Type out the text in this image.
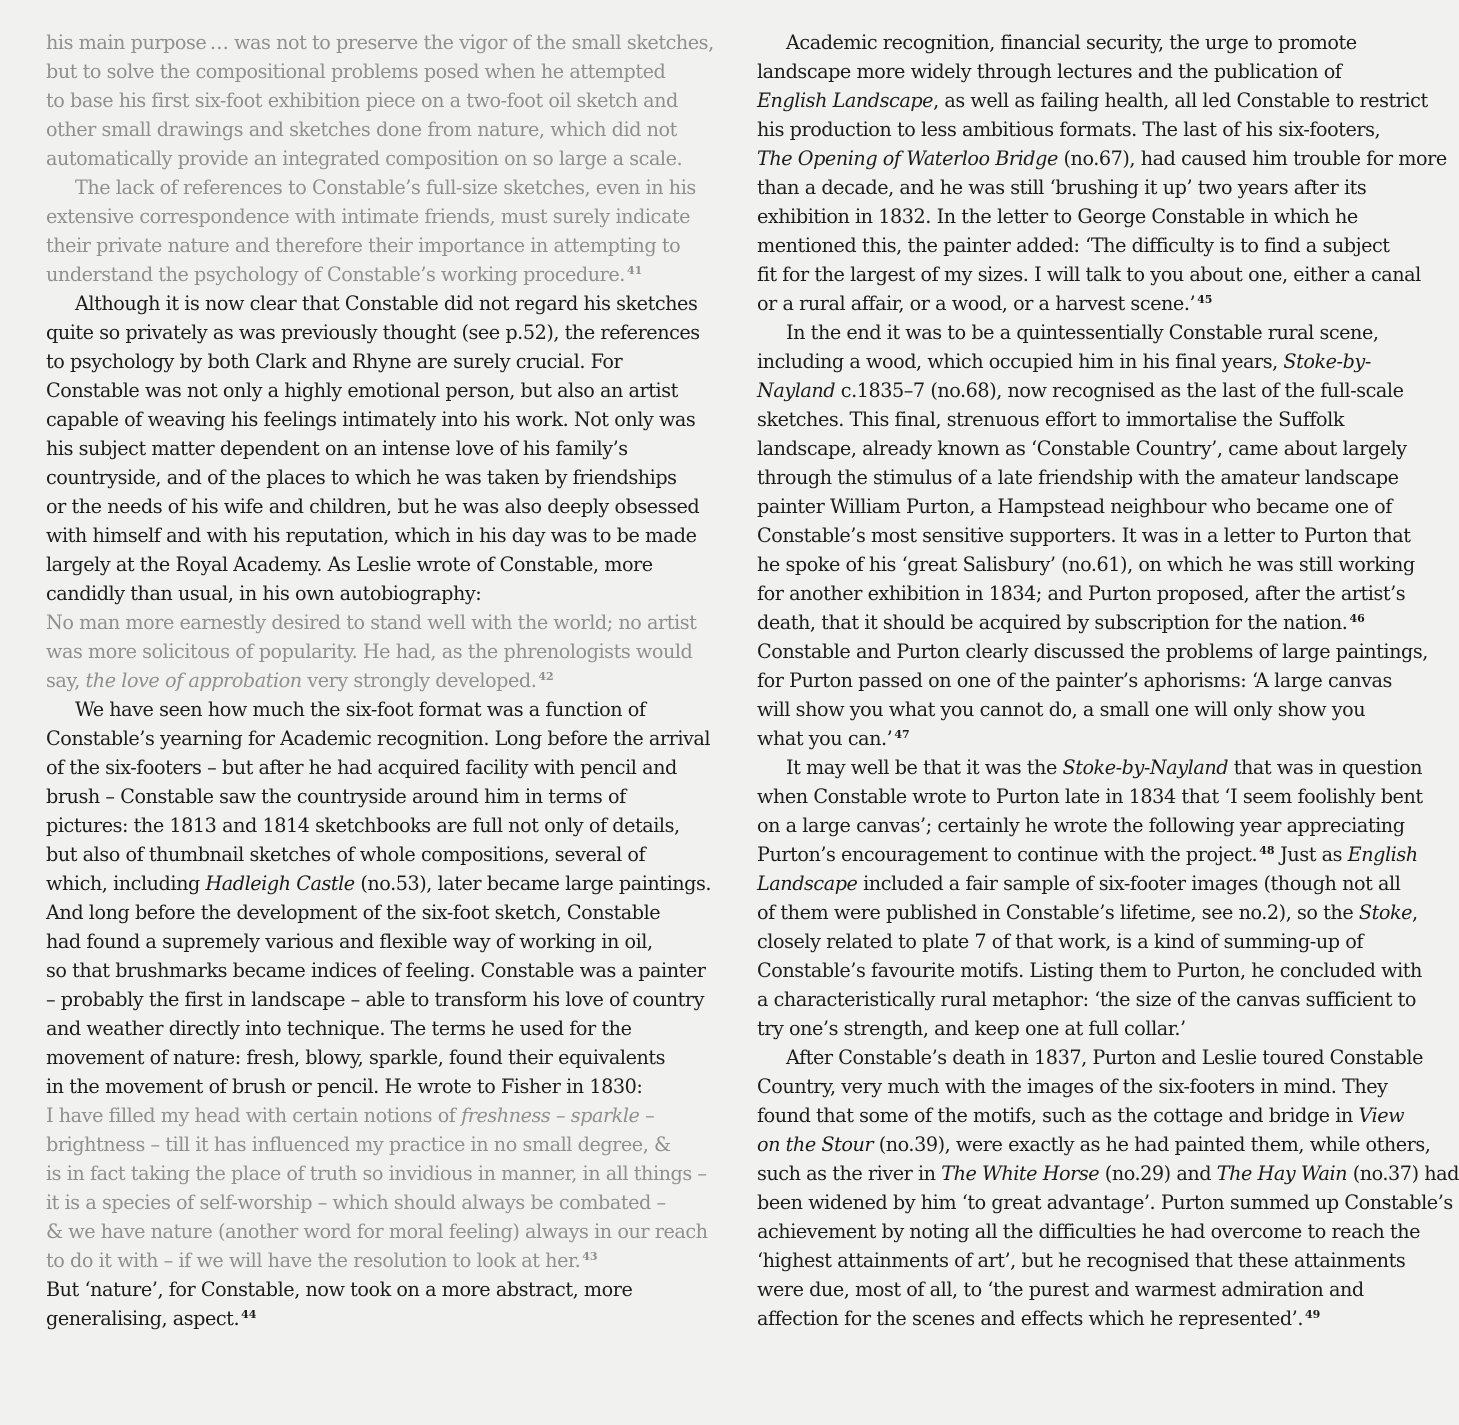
his main purpose … was not to preserve the vigor of the small sketches,
but to solve the compositional problems posed when he attempted
to base his first six-foot exhibition piece on a two-foot oil sketch and
other small drawings and sketches done from nature, which did not
automatically provide an integrated composition on so large a scale.
The lack of references to Constable’s full-size sketches, even in his
extensive correspondence with intimate friends, must surely indicate
their private nature and therefore their importance in attempting to
understand the psychology of Constable’s working procedure. $^{41}$
Although it is now clear that Constable did not regard his sketches
quite so privately as was previously thought (see p.52), the references
to psychology by both Clark and Rhyne are surely crucial. For
Constable was not only a highly emotional person, but also an artist
capable of weaving his feelings intimately into his work. Not only was
his subject matter dependent on an intense love of his family’s
countryside, and of the places to which he was taken by friendships
or the needs of his wife and children, but he was also deeply obsessed
with himself and with his reputation, which in his day was to be made
largely at the Royal Academy. As Leslie wrote of Constable, more
candidly than usual, in his own autobiography:
No man more earnestly desired to stand well with the world; no artist
was more solicitous of popularity. He had, as the phrenologists would
say, the love of approbation very strongly developed. $^{42}$
We have seen how much the six-foot format was a function of
Constable’s yearning for Academic recognition. Long before the arrival
of the six-footers – but after he had acquired facility with pencil and
brush – Constable saw the countryside around him in terms of
pictures: the 1813 and 1814 sketchbooks are full not only of details,
but also of thumbnail sketches of whole compositions, several of
which, including Hadleigh Castle (no.53), later became large paintings.
And long before the development of the six-foot sketch, Constable
had found a supremely various and flexible way of working in oil,
so that brushmarks became indices of feeling. Constable was a painter
– probably the first in landscape – able to transform his love of country
and weather directly into technique. The terms he used for the
movement of nature: fresh, blowy, sparkle, found their equivalents
in the movement of brush or pencil. He wrote to Fisher in 1830:
I have filled my head with certain notions of freshness – sparkle –
brightness – till it has influenced my practice in no small degree, &
is in fact taking the place of truth so invidious in manner, in all things –
it is a species of self-worship – which should always be combated –
& we have nature (another word for moral feeling) always in our reach
to do it with – if we will have the resolution to look at her. $^{43}$
But ‘nature’, for Constable, now took on a more abstract, more
generalising, aspect. $^{44}$
Academic recognition, financial security, the urge to promote
landscape more widely through lectures and the publication of
English Landscape, as well as failing health, all led Constable to restrict
his production to less ambitious formats. The last of his six-footers,
The Opening of Waterloo Bridge (no.67), had caused him trouble for more
than a decade, and he was still ‘brushing it up’ two years after its
exhibition in 1832. In the letter to George Constable in which he
mentioned this, the painter added: ‘The difficulty is to find a subject
fit for the largest of my sizes. I will talk to you about one, either a canal
or a rural affair, or a wood, or a harvest scene.’ $^{45}$
In the end it was to be a quintessentially Constable rural scene,
including a wood, which occupied him in his final years, Stoke-by-
Nayland c.1835–7 (no.68), now recognised as the last of the full-scale
sketches. This final, strenuous effort to immortalise the Suffolk
landscape, already known as ‘Constable Country’, came about largely
through the stimulus of a late friendship with the amateur landscape
painter William Purton, a Hampstead neighbour who became one of
Constable’s most sensitive supporters. It was in a letter to Purton that
he spoke of his ‘great Salisbury’ (no.61), on which he was still working
for another exhibition in 1834; and Purton proposed, after the artist’s
death, that it should be acquired by subscription for the nation. $^{46}$
Constable and Purton clearly discussed the problems of large paintings,
for Purton passed on one of the painter’s aphorisms: ‘A large canvas
will show you what you cannot do, a small one will only show you
what you can.’ $^{47}$
It may well be that it was the Stoke-by-Nayland that was in question
when Constable wrote to Purton late in 1834 that ‘I seem foolishly bent
on a large canvas’; certainly he wrote the following year appreciating
Purton’s encouragement to continue with the project. $^{48}$ Just as English
Landscape included a fair sample of six-footer images (though not all
of them were published in Constable’s lifetime, see no.2), so the Stoke,
closely related to plate 7 of that work, is a kind of summing-up of
Constable’s favourite motifs. Listing them to Purton, he concluded with
a characteristically rural metaphor: ‘the size of the canvas sufficient to
try one’s strength, and keep one at full collar.’
After Constable’s death in 1837, Purton and Leslie toured Constable
Country, very much with the images of the six-footers in mind. They
found that some of the motifs, such as the cottage and bridge in View
on the Stour (no.39), were exactly as he had painted them, while others,
such as the river in The White Horse (no.29) and The Hay Wain (no.37) had
been widened by him ‘to great advantage’. Purton summed up Constable’s
achievement by noting all the difficulties he had overcome to reach the
‘highest attainments of art’, but he recognised that these attainments
were due, most of all, to ‘the purest and warmest admiration and
affection for the scenes and effects which he represented’. $^{49}$
